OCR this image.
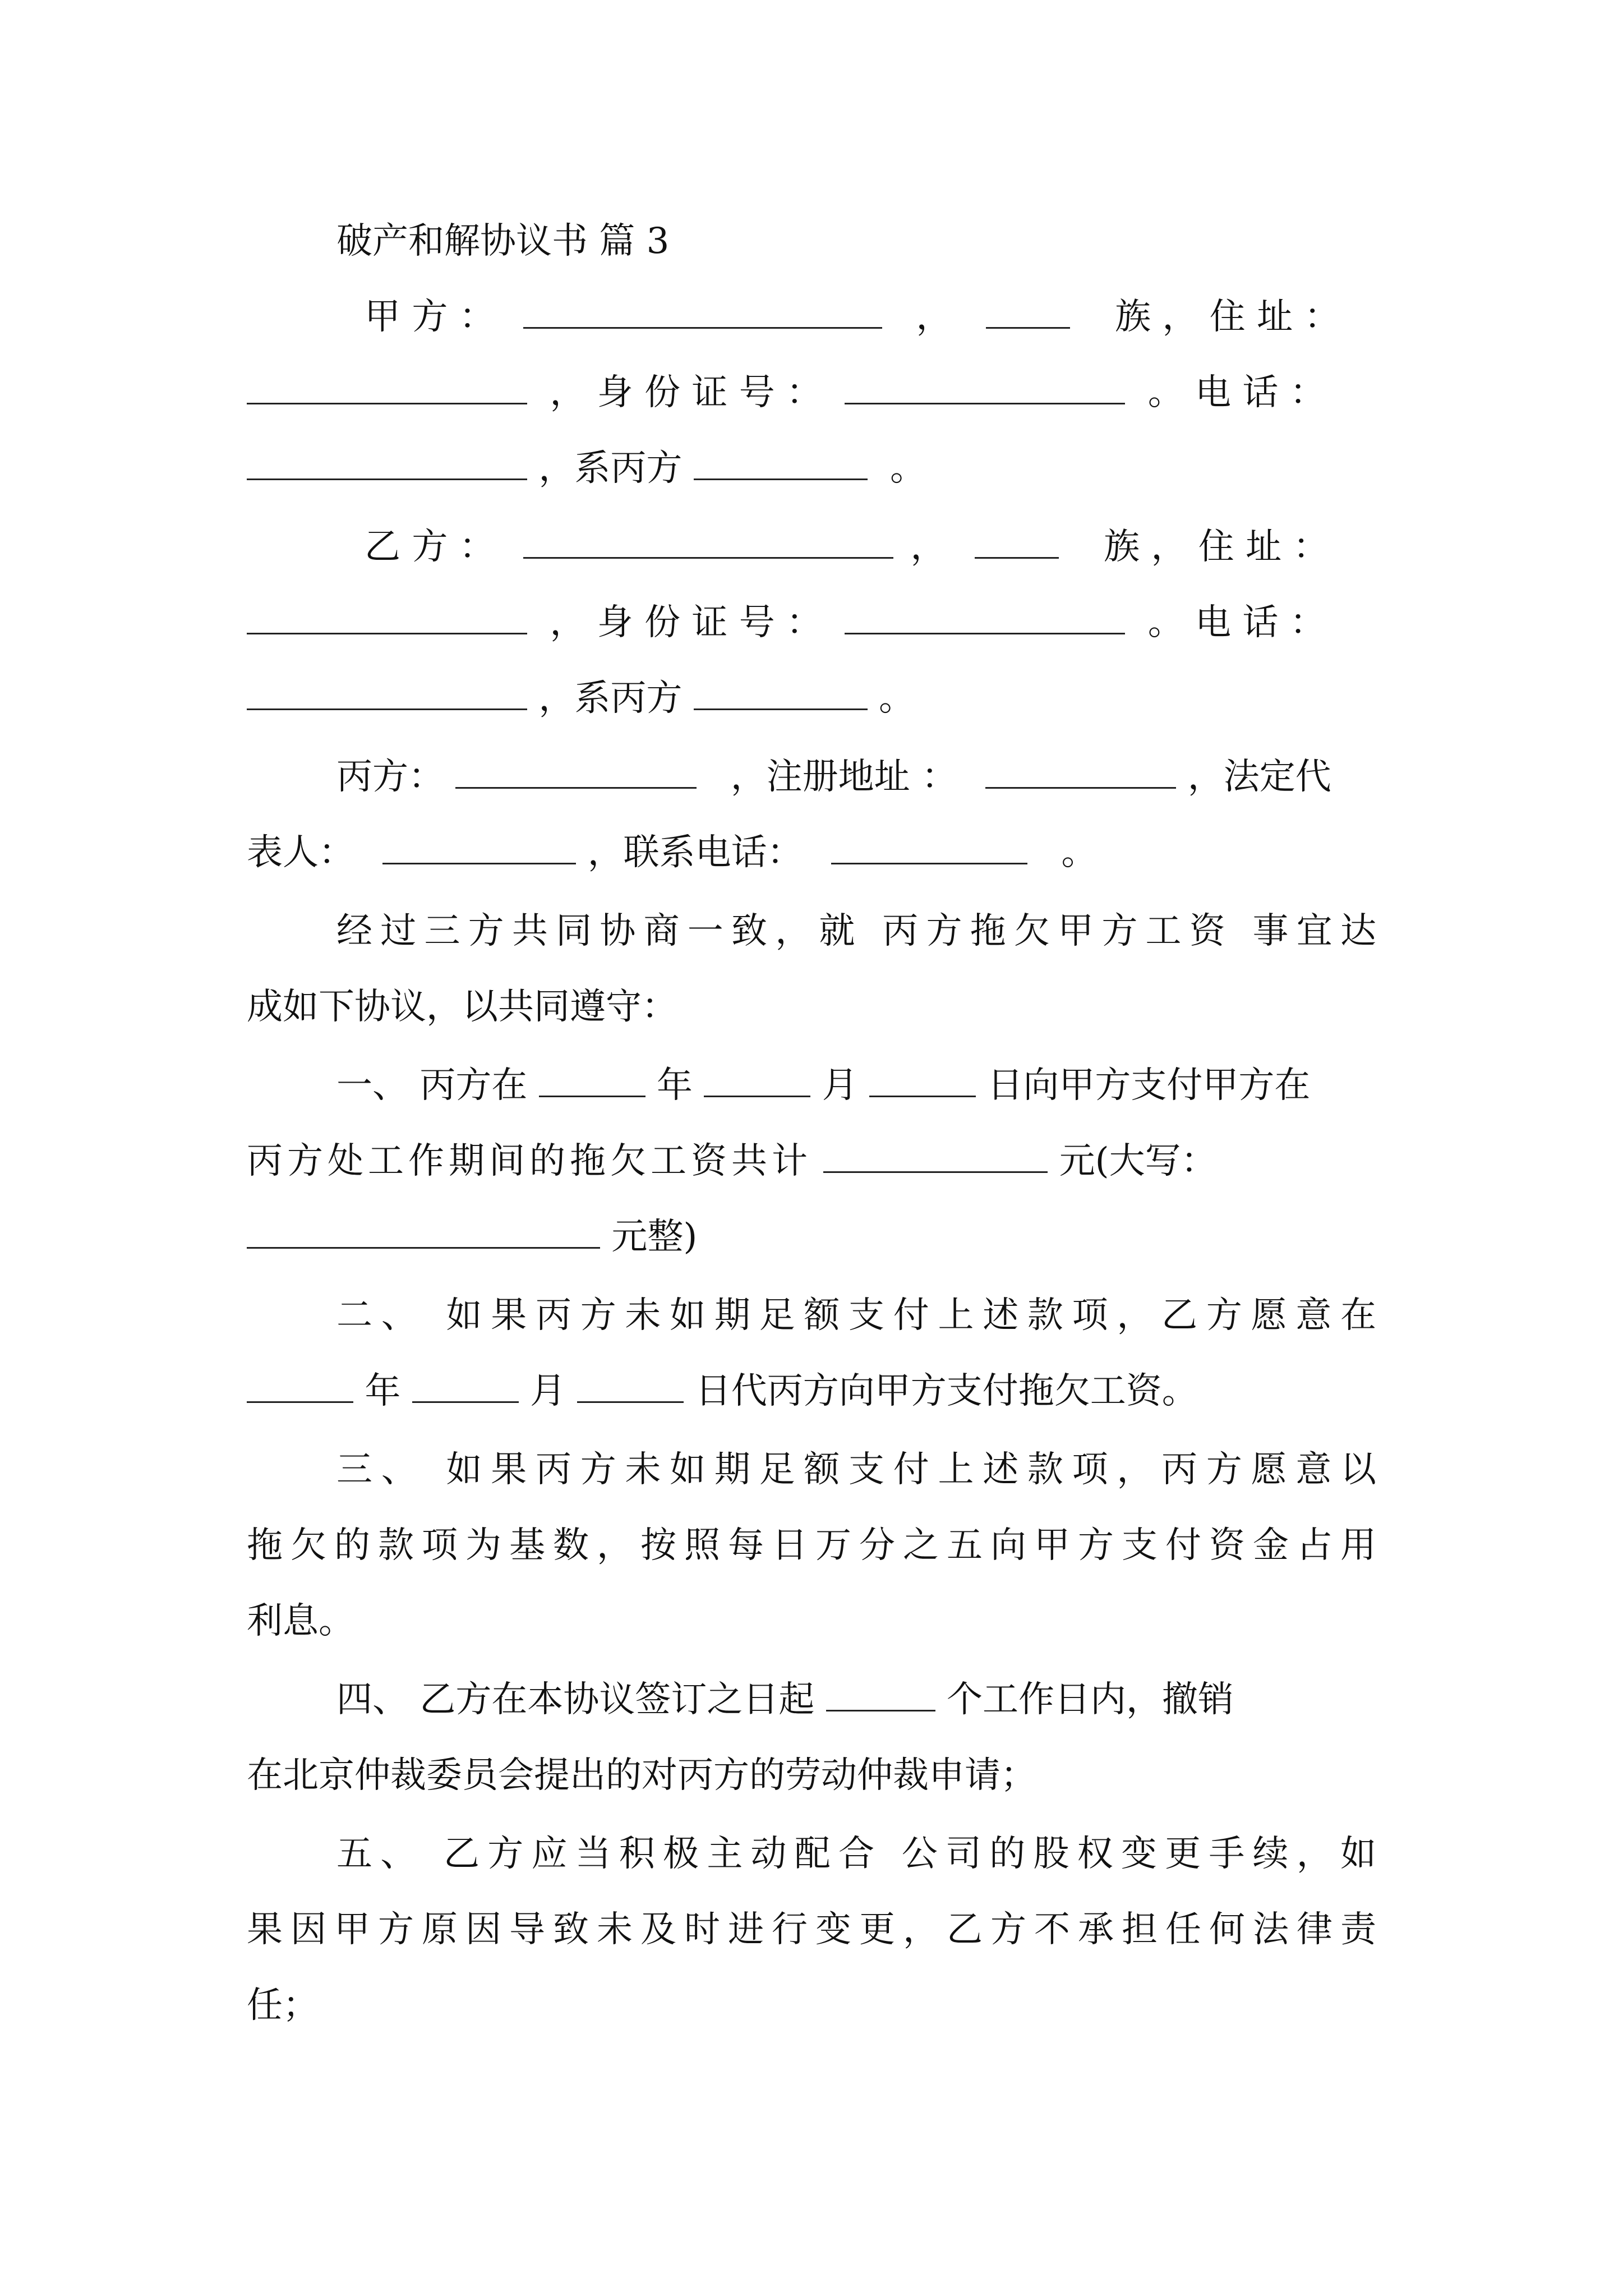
破产和解协议书 篇 3
甲 方 ：	，	族 ， 住 址 ：
， 身 份 证 号 ：	。 电 话 ：
，系丙方	。
乙 方 ：	，	族 ， 住 址 ：
， 身 份 证 号 ：	。 电 话 ：
，系丙方	。
丙方：	，注册地址 ：	，法定代
表人：	，联系电话：	。
经过三方共同协商一致，就 丙方拖欠甲方工资 事宜达
成如下协议，以共同遵守：
一、 丙方在	年	月	日向甲方支付甲方在
丙方处工作期间的拖欠工资共计	元(大写：
元整)
二、 如果丙方未如期足额支付上述款项，乙方愿意在
年	月	日代丙方向甲方支付拖欠工资。
三、 如果丙方未如期足额支付上述款项，丙方愿意以
拖欠的款项为基数，按照每日万分之五向甲方支付资金占用
利息。
四、 乙方在本协议签订之日起	个工作日内，撤销
在北京仲裁委员会提出的对丙方的劳动仲裁申请；
五、 乙方应当积极主动配合 公司的股权变更手续，如
果因甲方原因导致未及时进行变更，乙方不承担任何法律责
任；
